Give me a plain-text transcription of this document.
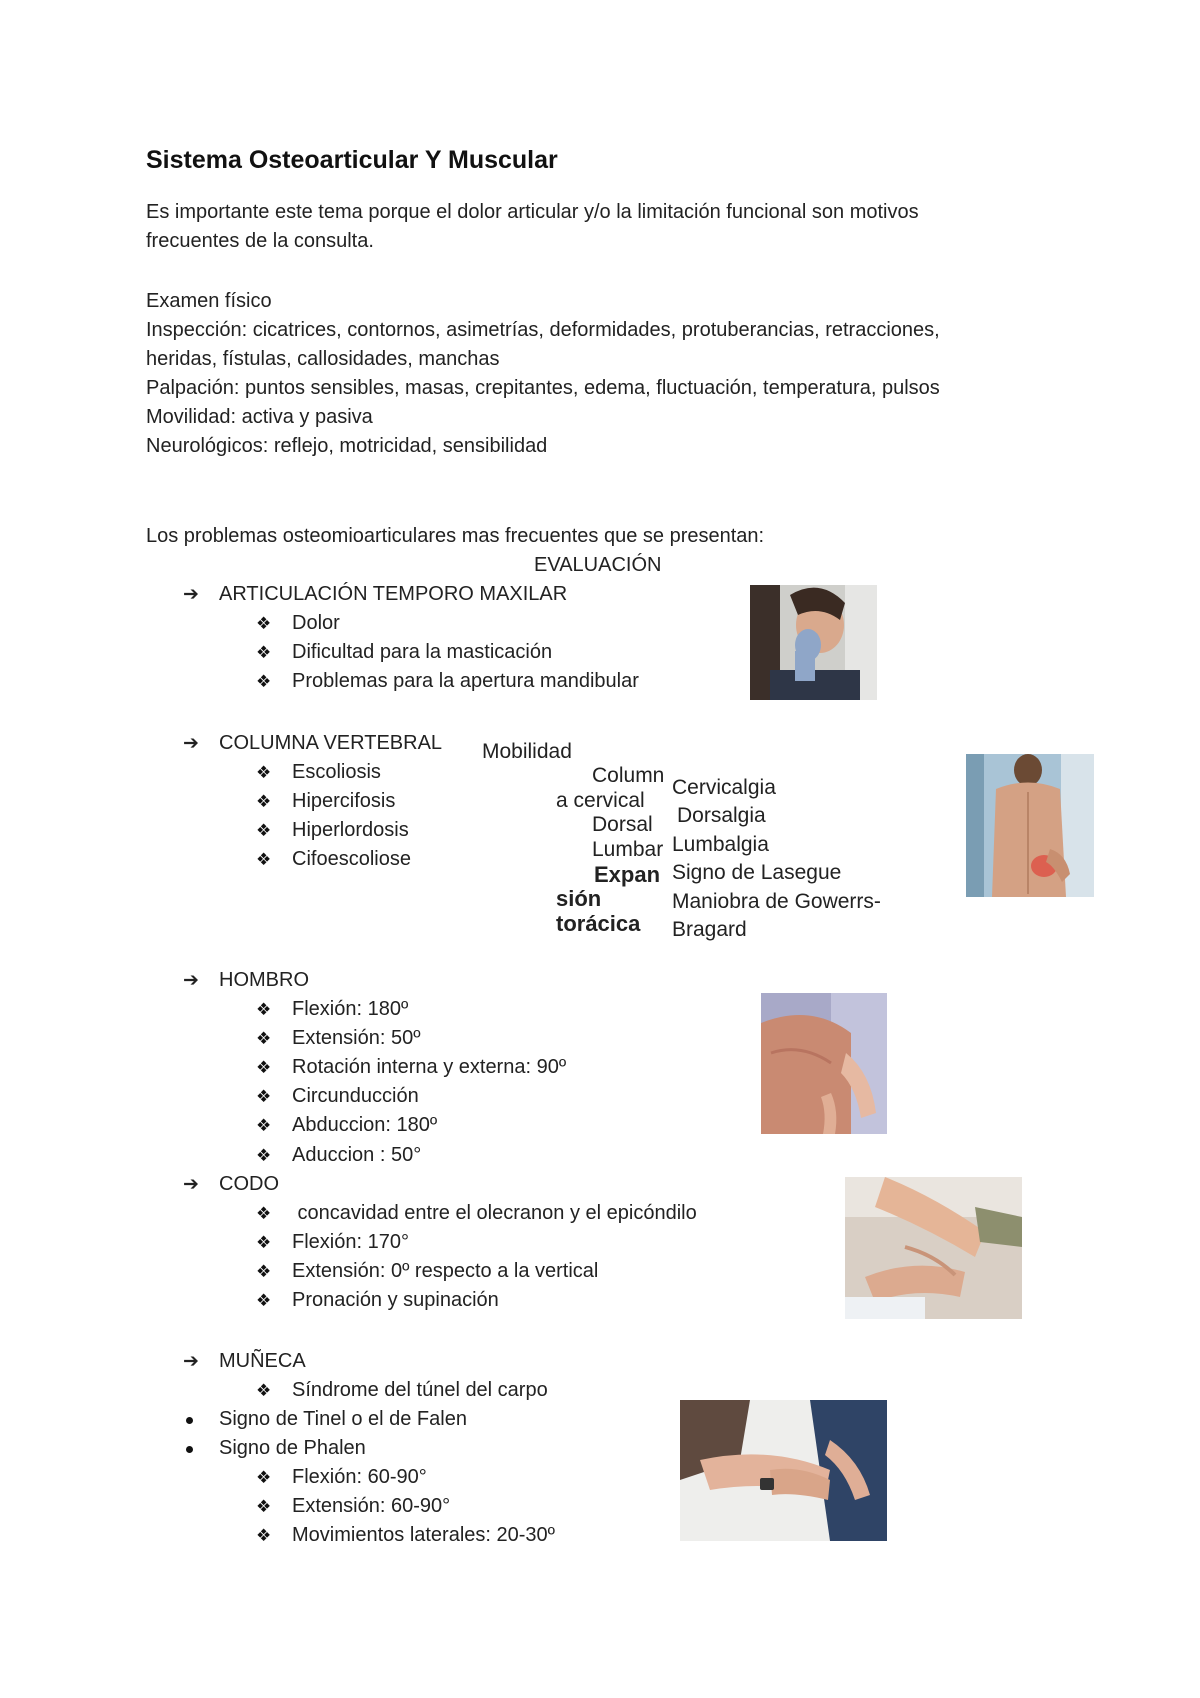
Sistema Osteoarticular Y Muscular
Es importante este tema porque el dolor articular y/o la limitación funcional son motivos
frecuentes de la consulta.
Examen físico
Inspección: cicatrices, contornos, asimetrías, deformidades, protuberancias, retracciones,
heridas, fístulas, callosidades, manchas
Palpación: puntos sensibles, masas, crepitantes, edema, fluctuación, temperatura, pulsos
Movilidad: activa y pasiva
Neurológicos: reflejo, motricidad, sensibilidad
Los problemas osteomioarticulares mas frecuentes que se presentan:
EVALUACIÓN
➔ ARTICULACIÓN TEMPORO MAXILAR
❖ Dolor
❖ Dificultad para la masticación
❖ Problemas para la apertura mandibular
➔ COLUMNA VERTEBRAL Mobilidad
❖ Escoliosis
❖ Hipercifosis
❖ Hiperlordosis
❖ Cifoescoliose
Column
a cervical
Dorsal
Lumbar
Expan
sión
torácica
Cervicalgia
Dorsalgia
Lumbalgia
Signo de Lasegue
Maniobra de Gowerrs-
Bragard
➔ HOMBRO
❖ Flexión: 180º
❖ Extensión: 50º
❖ Rotación interna y externa: 90º
❖ Circunducción
❖ Abduccion: 180º
❖ Aduccion : 50°
➔ CODO
❖ concavidad entre el olecranon y el epicóndilo
❖ Flexión: 170°
❖ Extensión: 0º respecto a la vertical
❖ Pronación y supinación
➔ MUÑECA
❖ Síndrome del túnel del carpo
Signo de Tinel o el de Falen
Signo de Phalen
❖ Flexión: 60-90°
❖ Extensión: 60-90°
❖ Movimientos laterales: 20-30º
